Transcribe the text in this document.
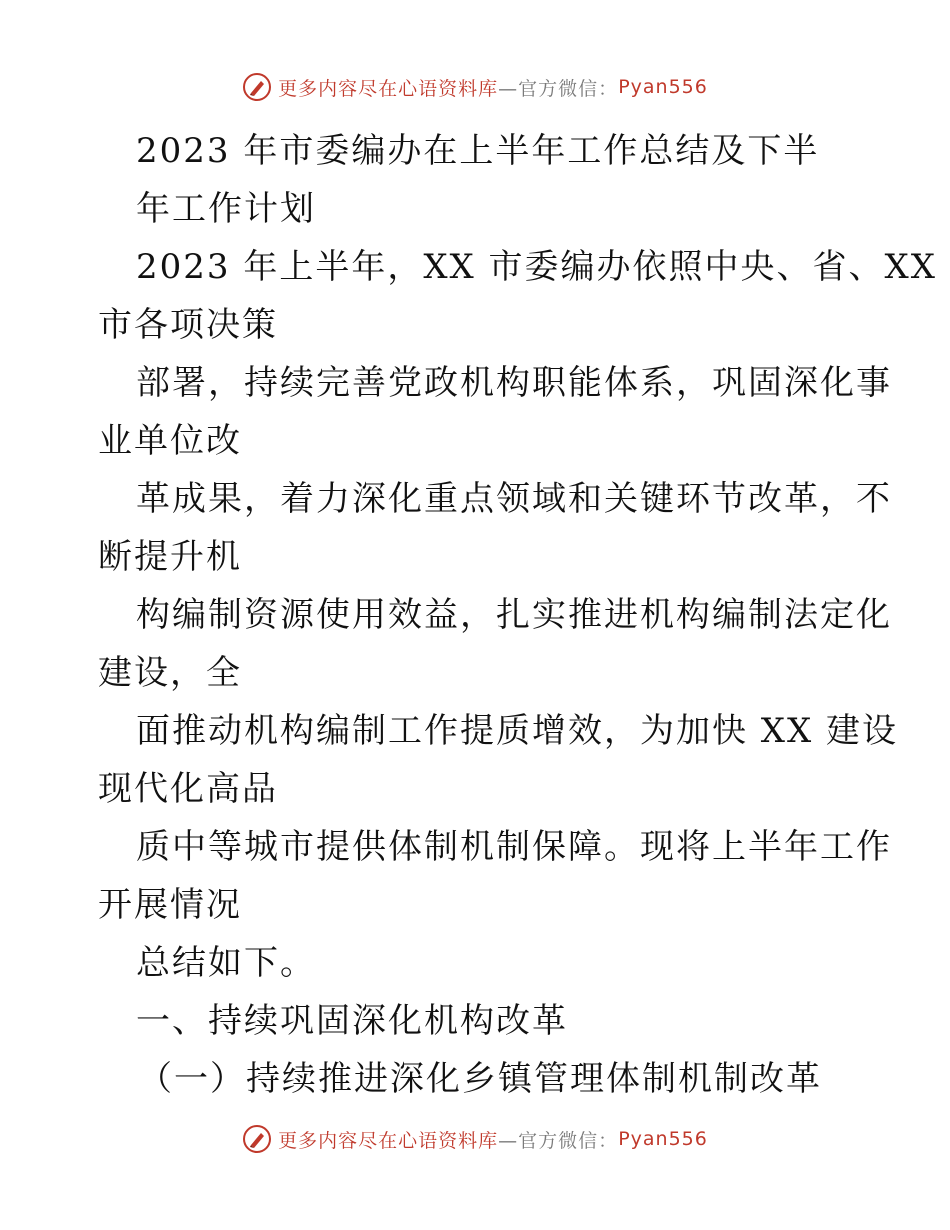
更多内容尽在心语资料库 —官方微信： Pyan556
2023 年市委编办在上半年工作总结及下半
年工作计划
2023 年上半年，XX 市委编办依照中央、省、XX
市各项决策
部署，持续完善党政机构职能体系，巩固深化事
业单位改
革成果，着力深化重点领域和关键环节改革，不
断提升机
构编制资源使用效益，扎实推进机构编制法定化
建设，全
面推动机构编制工作提质增效，为加快 XX 建设
现代化高品
质中等城市提供体制机制保障。现将上半年工作
开展情况
总结如下。
一、持续巩固深化机构改革
（一）持续推进深化乡镇管理体制机制改革
更多内容尽在心语资料库 —官方微信： Pyan556
